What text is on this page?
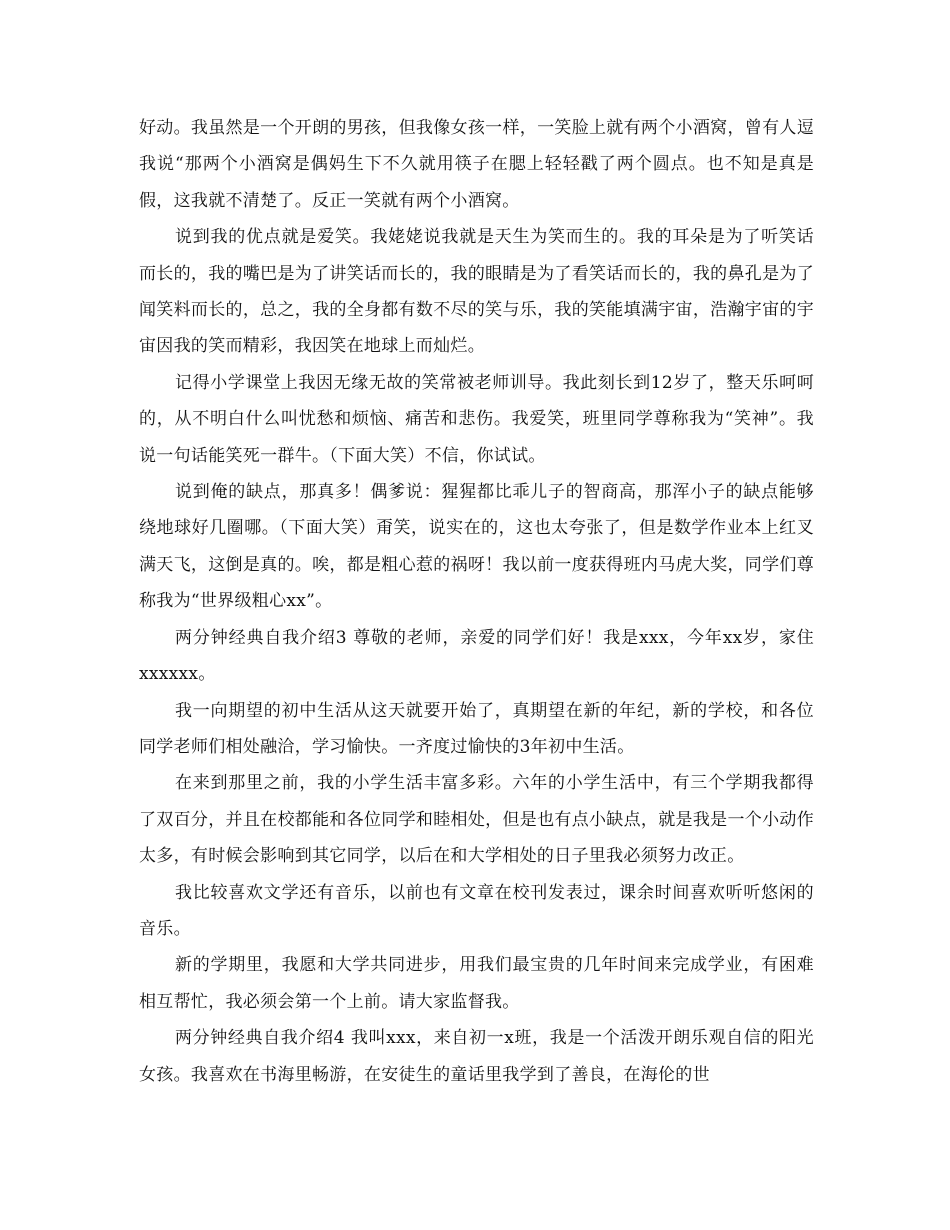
好动。我虽然是一个开朗的男孩，但我像女孩一样，一笑脸上就有两个小酒窝，曾有人逗我说“那两个小酒窝是偶妈生下不久就用筷子在腮上轻轻戳了两个圆点。也不知是真是假，这我就不清楚了。反正一笑就有两个小酒窝。

说到我的优点就是爱笑。我姥姥说我就是天生为笑而生的。我的耳朵是为了听笑话而长的，我的嘴巴是为了讲笑话而长的，我的眼睛是为了看笑话而长的，我的鼻孔是为了闻笑料而长的，总之，我的全身都有数不尽的笑与乐，我的笑能填满宇宙，浩瀚宇宙的宇宙因我的笑而精彩，我因笑在地球上而灿烂。

记得小学课堂上我因无缘无故的笑常被老师训导。我此刻长到12岁了，整天乐呵呵的，从不明白什么叫忧愁和烦恼、痛苦和悲伤。我爱笑，班里同学尊称我为“笑神”。我说一句话能笑死一群牛。（下面大笑）不信，你试试。

说到俺的缺点，那真多！偶爹说：猩猩都比乖儿子的智商高，那浑小子的缺点能够绕地球好几圈哪。（下面大笑）甭笑，说实在的，这也太夸张了，但是数学作业本上红叉满天飞，这倒是真的。唉，都是粗心惹的祸呀！我以前一度获得班内马虎大奖，同学们尊称我为“世界级粗心xx”。

两分钟经典自我介绍3 尊敬的老师，亲爱的同学们好！我是xxx，今年xx岁，家住xxxxxx。

我一向期望的初中生活从这天就要开始了，真期望在新的年纪，新的学校，和各位同学老师们相处融洽，学习愉快。一齐度过愉快的3年初中生活。

在来到那里之前，我的小学生活丰富多彩。六年的小学生活中，有三个学期我都得了双百分，并且在校都能和各位同学和睦相处，但是也有点小缺点，就是我是一个小动作太多，有时候会影响到其它同学，以后在和大学相处的日子里我必须努力改正。

我比较喜欢文学还有音乐，以前也有文章在校刊发表过，课余时间喜欢听听悠闲的音乐。

新的学期里，我愿和大学共同进步，用我们最宝贵的几年时间来完成学业，有困难相互帮忙，我必须会第一个上前。请大家监督我。

两分钟经典自我介绍4 我叫xxx，来自初一x班，我是一个活泼开朗乐观自信的阳光女孩。我喜欢在书海里畅游，在安徒生的童话里我学到了善良，在海伦的世
